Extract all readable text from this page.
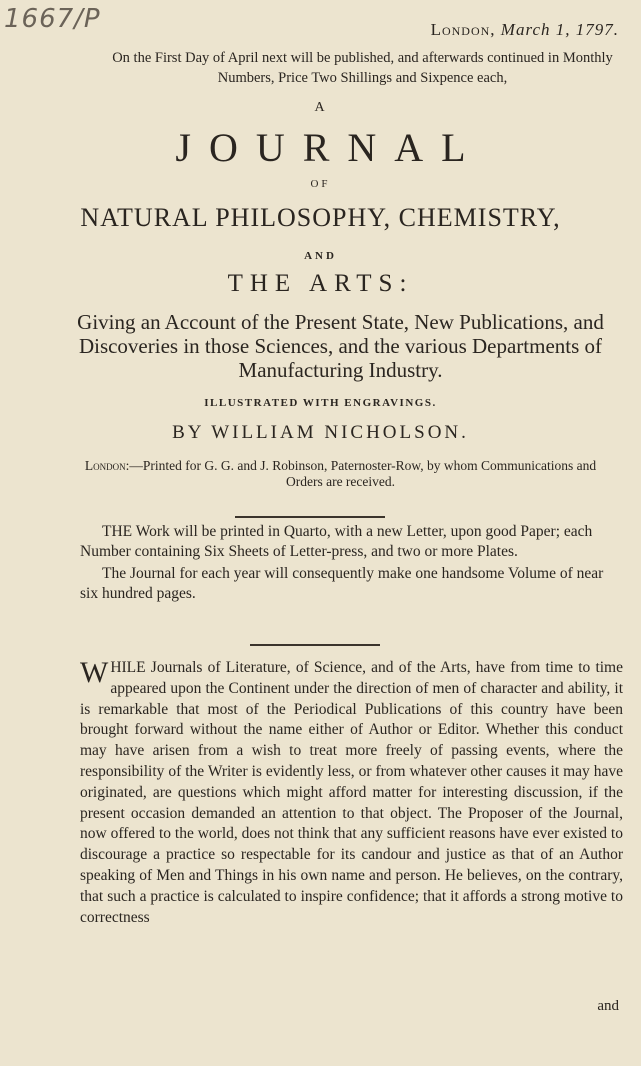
1667/P	London, March 1, 1797.
On the First Day of April next will be published, and afterwards continued in Monthly Numbers, Price Two Shillings and Sixpence each,
A
JOURNAL
OF
NATURAL PHILOSOPHY, CHEMISTRY,
AND
THE ARTS:
Giving an Account of the Present State, New Publications, and Discoveries in those Sciences, and the various Departments of Manufacturing Industry.
ILLUSTRATED WITH ENGRAVINGS.
BY WILLIAM NICHOLSON.
London:—Printed for G. G. and J. Robinson, Paternoster-Row, by whom Communications and Orders are received.

THE Work will be printed in Quarto, with a new Letter, upon good Paper; each Number containing Six Sheets of Letter-press, and two or more Plates.

The Journal for each year will consequently make one handsome Volume of near six hundred pages.

WHILE Journals of Literature, of Science, and of the Arts, have from time to time appeared upon the Continent under the direction of men of character and ability, it is remarkable that most of the Periodical Publications of this country have been brought forward without the name either of Author or Editor. Whether this conduct may have arisen from a wish to treat more freely of passing events, where the responsibility of the Writer is evidently less, or from whatever other causes it may have originated, are questions which might afford matter for interesting discussion, if the present occasion demanded an attention to that object. The Proposer of the Journal, now offered to the world, does not think that any sufficient reasons have ever existed to discourage a practice so respectable for its candour and justice as that of an Author speaking of Men and Things in his own name and person. He believes, on the contrary, that such a practice is calculated to inspire confidence; that it affords a strong motive to correctness
and
